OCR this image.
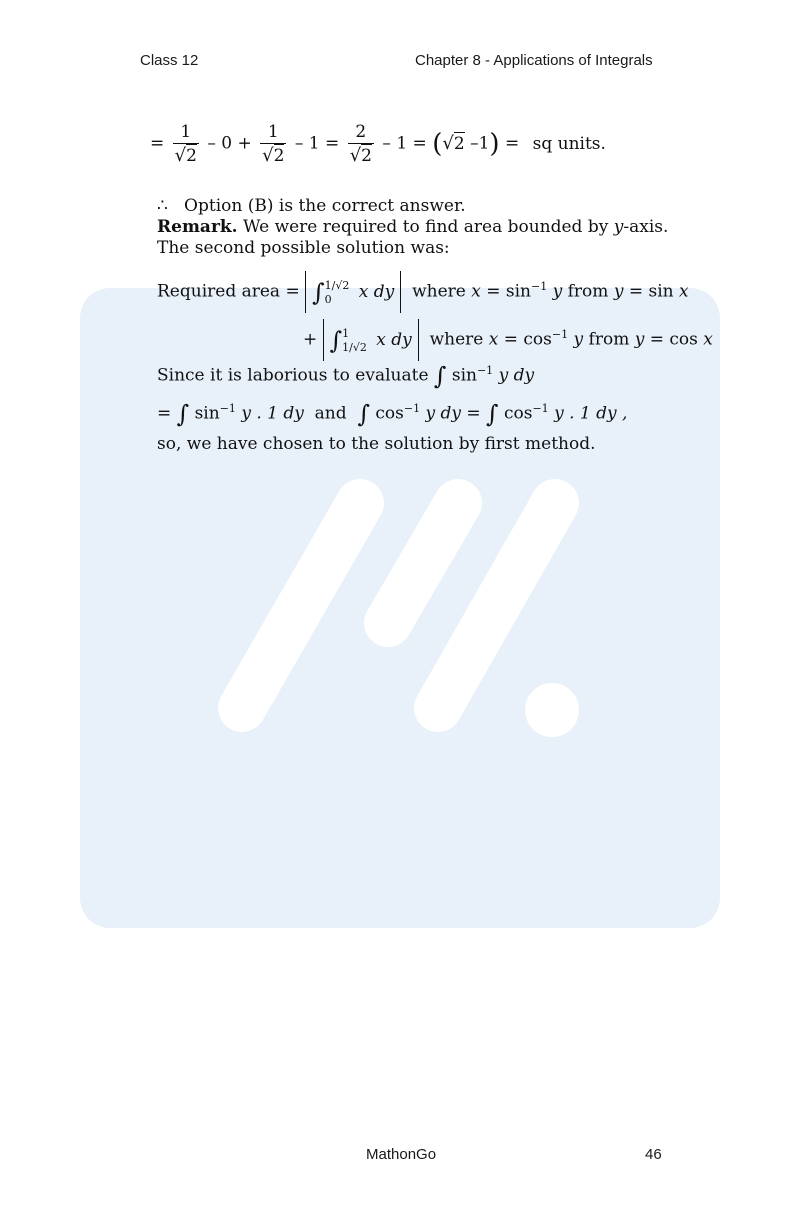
Class 12	Chapter 8 - Applications of Integrals
= $\frac{1}{√2} - 0 + \frac{1}{√2} - 1 = \frac{2}{√2} - 1 = (√2$ –1) = sq units.
∴ Option (B) is the correct answer.
Remark. We were required to find area bounded by y-axis.
The second possible solution was:
Required area = ∫ 1/√2
0	x dy where $x = \sin^{-1} y$ from y = sin x
+ ∫ 1
1/√2 x dy where $x = \cos^{-1} y$ from y = cos x
Since it is laborious to evaluate ∫ $\sin^{-1} y$ dy
= ∫ $\sin^{-1} y$ . 1 dy and ∫ $\cos^{-1} y$ dy = ∫ $\cos^{-1} y$ . 1 dy ,
so, we have chosen to the solution by first method.
MathonGo	46
